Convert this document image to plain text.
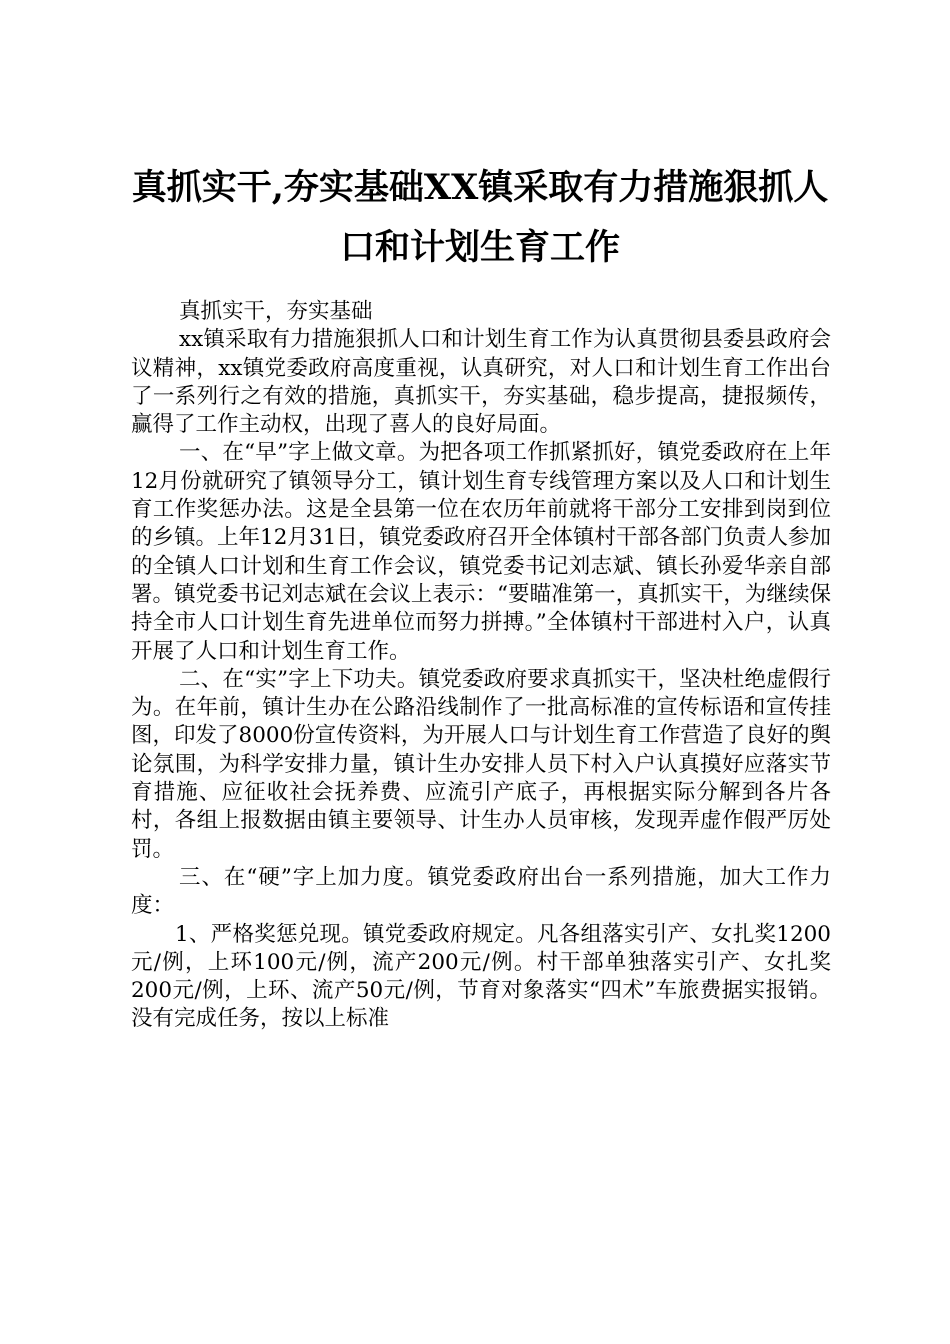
真抓实干,夯实基础XX镇采取有力措施狠抓人口和计划生育工作

真抓实干，夯实基础

xx镇采取有力措施狠抓人口和计划生育工作为认真贯彻县委县政府会议精神，xx镇党委政府高度重视，认真研究，对人口和计划生育工作出台了一系列行之有效的措施，真抓实干，夯实基础，稳步提高，捷报频传，赢得了工作主动权，出现了喜人的良好局面。

一、在“早”字上做文章。为把各项工作抓紧抓好，镇党委政府在上年12月份就研究了镇领导分工，镇计划生育专线管理方案以及人口和计划生育工作奖惩办法。这是全县第一位在农历年前就将干部分工安排到岗到位的乡镇。上年12月31日，镇党委政府召开全体镇村干部各部门负责人参加的全镇人口计划和生育工作会议，镇党委书记刘志斌、镇长孙爱华亲自部署。镇党委书记刘志斌在会议上表示：“要瞄准第一，真抓实干，为继续保持全市人口计划生育先进单位而努力拼搏。”全体镇村干部进村入户，认真开展了人口和计划生育工作。

二、在“实”字上下功夫。镇党委政府要求真抓实干，坚决杜绝虚假行为。在年前，镇计生办在公路沿线制作了一批高标准的宣传标语和宣传挂图，印发了8000份宣传资料，为开展人口与计划生育工作营造了良好的舆论氛围，为科学安排力量，镇计生办安排人员下村入户认真摸好应落实节育措施、应征收社会抚养费、应流引产底子，再根据实际分解到各片各村，各组上报数据由镇主要领导、计生办人员审核，发现弄虚作假严厉处罚。

三、在“硬”字上加力度。镇党委政府出台一系列措施，加大工作力度：

1、严格奖惩兑现。镇党委政府规定。凡各组落实引产、女扎奖1200元/例，上环100元/例，流产200元/例。村干部单独落实引产、女扎奖200元/例，上环、流产50元/例，节育对象落实“四术”车旅费据实报销。没有完成任务，按以上标准
